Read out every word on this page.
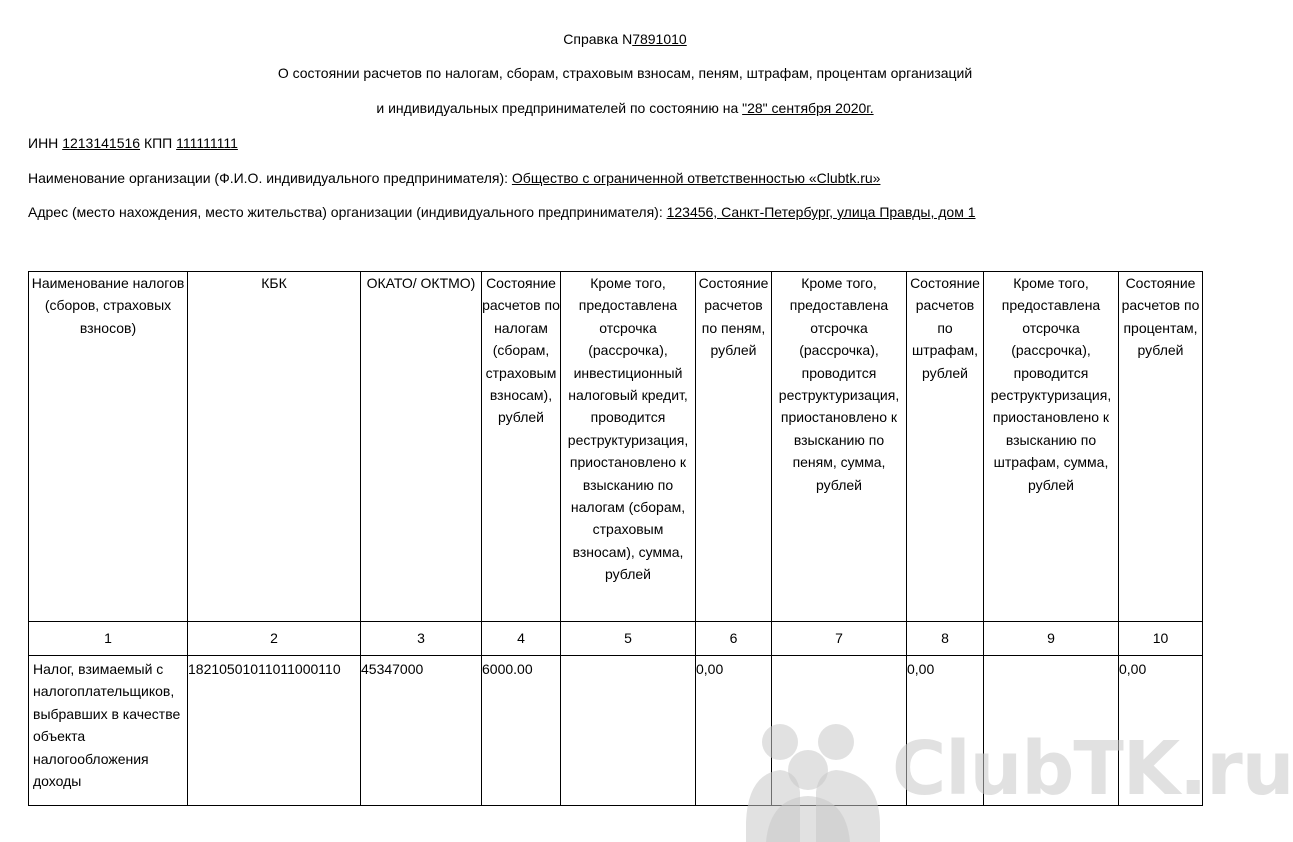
Справка N7891010
О состоянии расчетов по налогам, сборам, страховым взносам, пеням, штрафам, процентам организаций
и индивидуальных предпринимателей по состоянию на "28" сентября 2020г.
ИНН 1213141516 КПП 111111111
Наименование организации (Ф.И.О. индивидуального предпринимателя): Общество с ограниченной ответственностью «Clubtk.ru»
Адрес (место нахождения, место жительства) организации (индивидуального предпринимателя): 123456, Санкт-Петербург, улица Правды, дом 1
Наименование налогов (сборов, страховых взносов)	КБК	ОКАТО/ ОКТМО)	Состояние расчетов по налогам (сборам, страховым взносам), рублей	Кроме того, предоставлена отсрочка (рассрочка), инвестиционный налоговый кредит, проводится реструктуризация, приостановлено к взысканию по налогам (сборам, страховым взносам), сумма, рублей	Состояние расчетов по пеням, рублей	Кроме того, предоставлена отсрочка (рассрочка), проводится реструктуризация, приостановлено к взысканию по пеням, сумма, рублей	Состояние расчетов по штрафам, рублей	Кроме того, предоставлена отсрочка (рассрочка), проводится реструктуризация, приостановлено к взысканию по штрафам, сумма, рублей	Состояние расчетов по процентам, рублей
1	2	3	4	5	6	7	8	9	10
Налог, взимаемый с налогоплательщиков, выбравших в качестве объекта налогообложения доходы	18210501011011000110	45347000	6000.00		0,00		0,00		0,00
ClubTK.ru
